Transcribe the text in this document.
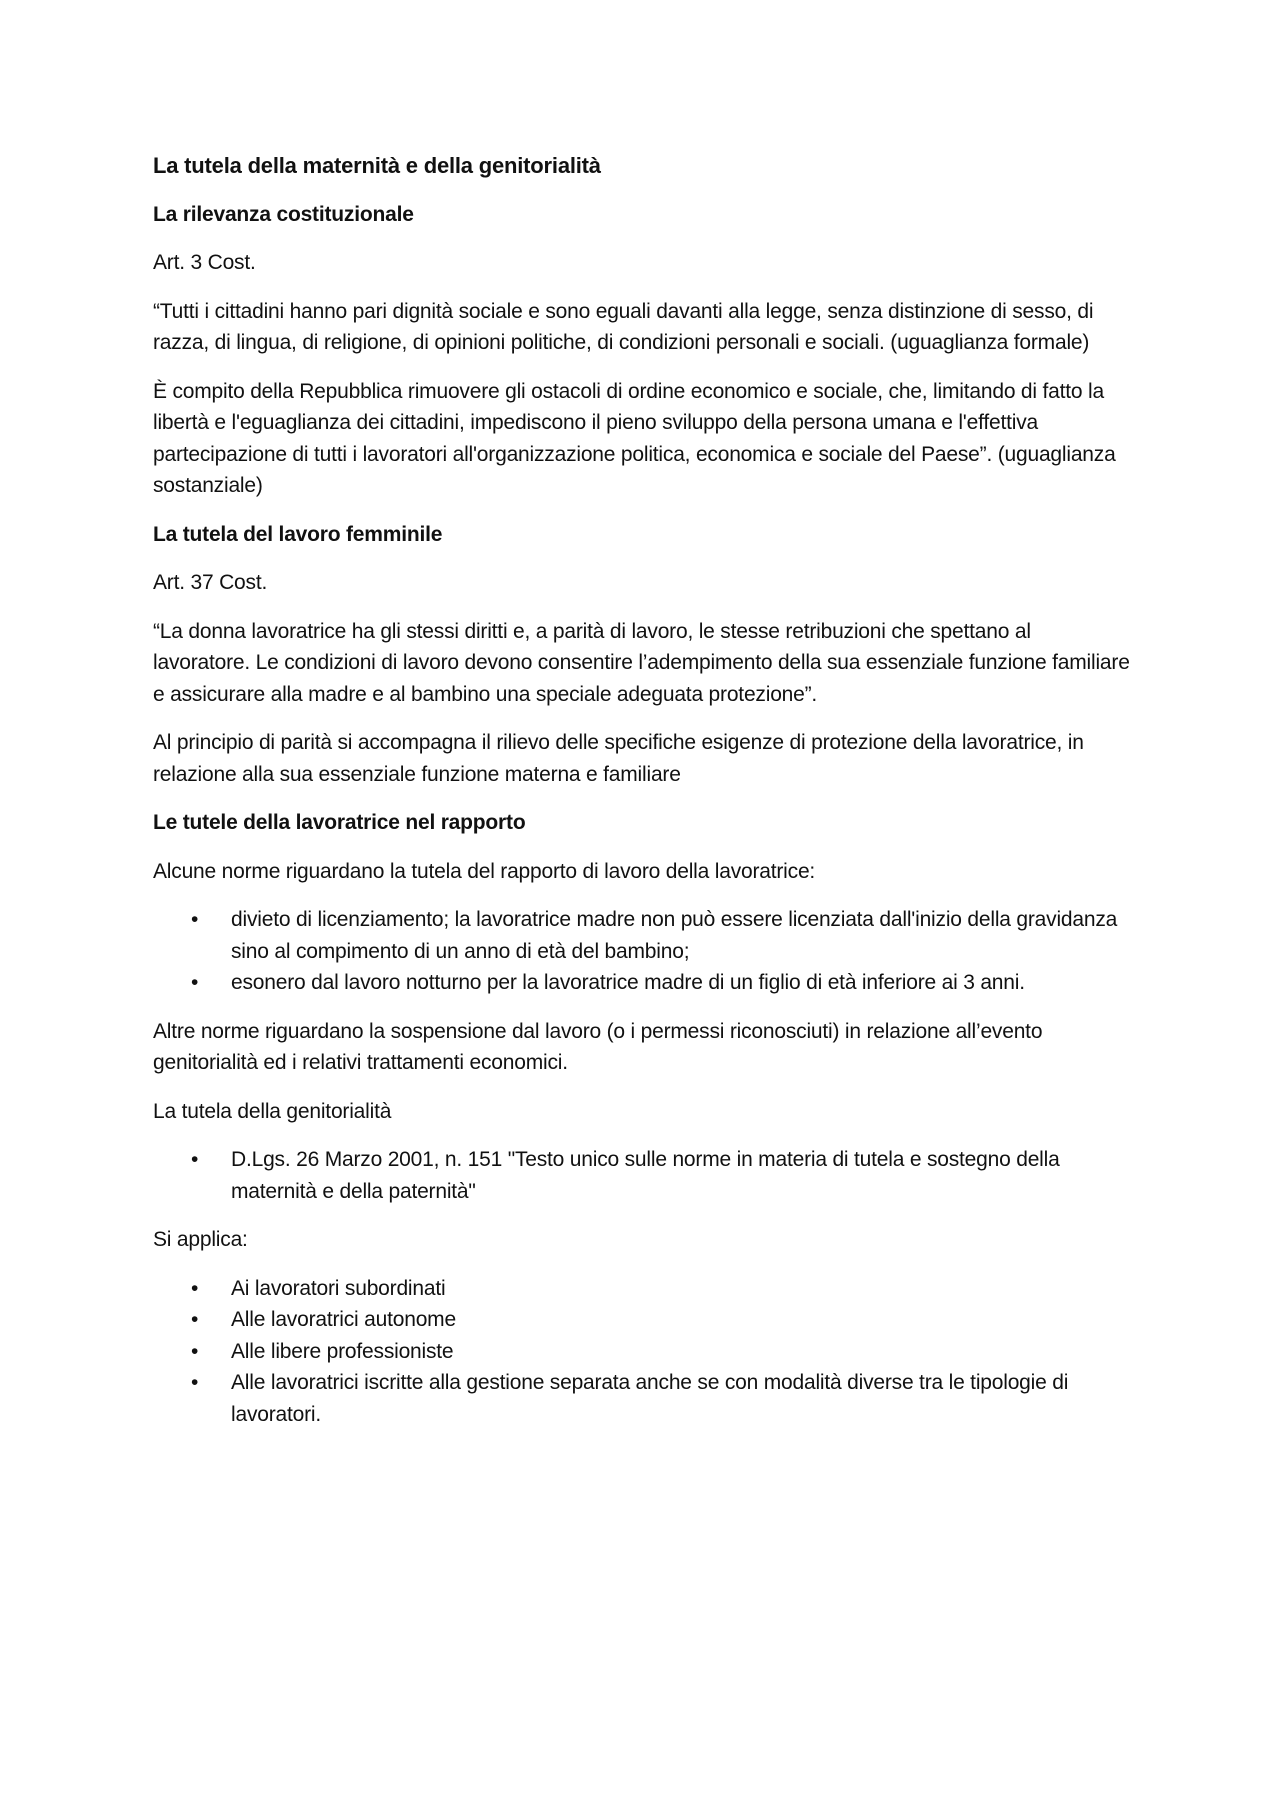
La tutela della maternità e della genitorialità

La rilevanza costituzionale

Art. 3 Cost.

“Tutti i cittadini hanno pari dignità sociale e sono eguali davanti alla legge, senza distinzione di sesso, di razza, di lingua, di religione, di opinioni politiche, di condizioni personali e sociali. (uguaglianza formale)

È compito della Repubblica rimuovere gli ostacoli di ordine economico e sociale, che, limitando di fatto la libertà e l'eguaglianza dei cittadini, impediscono il pieno sviluppo della persona umana e l'effettiva partecipazione di tutti i lavoratori all'organizzazione politica, economica e sociale del Paese”. (uguaglianza sostanziale)

La tutela del lavoro femminile

Art. 37 Cost.

“La donna lavoratrice ha gli stessi diritti e, a parità di lavoro, le stesse retribuzioni che spettano al lavoratore. Le condizioni di lavoro devono consentire l’adempimento della sua essenziale funzione familiare e assicurare alla madre e al bambino una speciale adeguata protezione”.

Al principio di parità si accompagna il rilievo delle specifiche esigenze di protezione della lavoratrice, in relazione alla sua essenziale funzione materna e familiare

Le tutele della lavoratrice nel rapporto

Alcune norme riguardano la tutela del rapporto di lavoro della lavoratrice:

• divieto di licenziamento; la lavoratrice madre non può essere licenziata dall'inizio della gravidanza sino al compimento di un anno di età del bambino;
• esonero dal lavoro notturno per la lavoratrice madre di un figlio di età inferiore ai 3 anni.

Altre norme riguardano la sospensione dal lavoro (o i permessi riconosciuti) in relazione all’evento genitorialità ed i relativi trattamenti economici.

La tutela della genitorialità

• D.Lgs. 26 Marzo 2001, n. 151 "Testo unico sulle norme in materia di tutela e sostegno della maternità e della paternità"

Si applica:

• Ai lavoratori subordinati
• Alle lavoratrici autonome
• Alle libere professioniste
• Alle lavoratrici iscritte alla gestione separata anche se con modalità diverse tra le tipologie di lavoratori.
